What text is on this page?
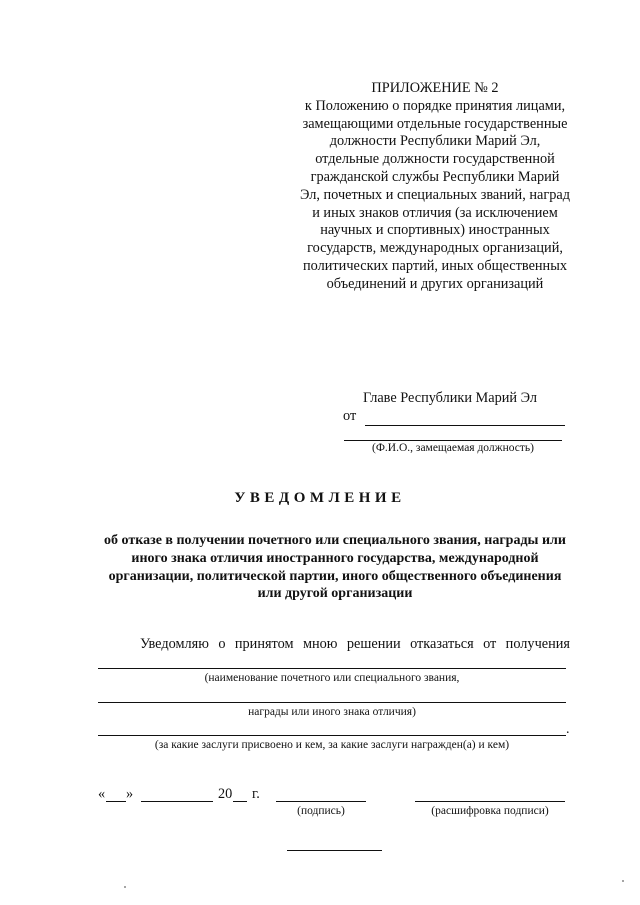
ПРИЛОЖЕНИЕ № 2
к Положению о порядке принятия лицами, замещающими отдельные государственные должности Республики Марий Эл, отдельные должности государственной гражданской службы Республики Марий Эл, почетных и специальных званий, наград и иных знаков отличия (за исключением научных и спортивных) иностранных государств, международных организаций, политических партий, иных общественных объединений и других организаций
Главе Республики Марий Эл
от
(Ф.И.О., замещаемая должность)
УВЕДОМЛЕНИЕ
об отказе в получении почетного или специального звания, награды или иного знака отличия иностранного государства, международной организации, политической партии, иного общественного объединения или другой организации
Уведомляю о принятом мною решении отказаться от получения
(наименование почетного или специального звания,
награды или иного знака отличия)
.
(за какие заслуги присвоено и кем, за какие заслуги награжден(а) и кем)
« »	20 г.
(подпись)	(расшифровка подписи)
